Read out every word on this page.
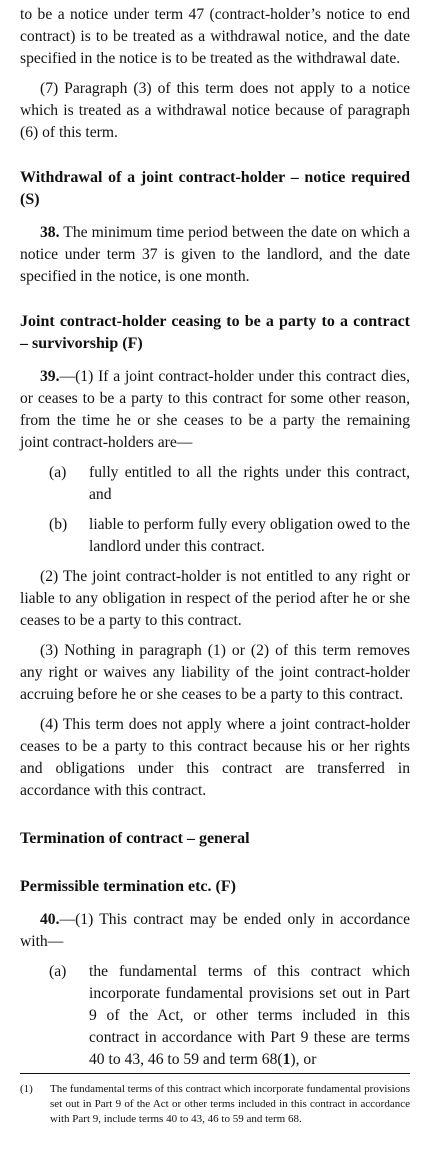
to be a notice under term 47 (contract-holder’s notice to end contract) is to be treated as a withdrawal notice, and the date specified in the notice is to be treated as the withdrawal date.

(7) Paragraph (3) of this term does not apply to a notice which is treated as a withdrawal notice because of paragraph (6) of this term.

Withdrawal of a joint contract-holder – notice required (S)

38. The minimum time period between the date on which a notice under term 37 is given to the landlord, and the date specified in the notice, is one month.

Joint contract-holder ceasing to be a party to a contract – survivorship (F)

39.—(1) If a joint contract-holder under this contract dies, or ceases to be a party to this contract for some other reason, from the time he or she ceases to be a party the remaining joint contract-holders are—

(a)	fully entitled to all the rights under this contract, and
(b)	liable to perform fully every obligation owed to the landlord under this contract.

(2) The joint contract-holder is not entitled to any right or liable to any obligation in respect of the period after he or she ceases to be a party to this contract.

(3) Nothing in paragraph (1) or (2) of this term removes any right or waives any liability of the joint contract-holder accruing before he or she ceases to be a party to this contract.

(4) This term does not apply where a joint contract-holder ceases to be a party to this contract because his or her rights and obligations under this contract are transferred in accordance with this contract.

Termination of contract – general
Permissible termination etc. (F)

40.—(1) This contract may be ended only in accordance with—

(a)	the fundamental terms of this contract which incorporate fundamental provisions set out in Part 9 of the Act, or other terms included in this contract in accordance with Part 9 these are terms 40 to 43, 46 to 59 and term 68(1), or
(1)	The fundamental terms of this contract which incorporate fundamental provisions set out in Part 9 of the Act or other terms included in this contract in accordance with Part 9, include terms 40 to 43, 46 to 59 and term 68.
